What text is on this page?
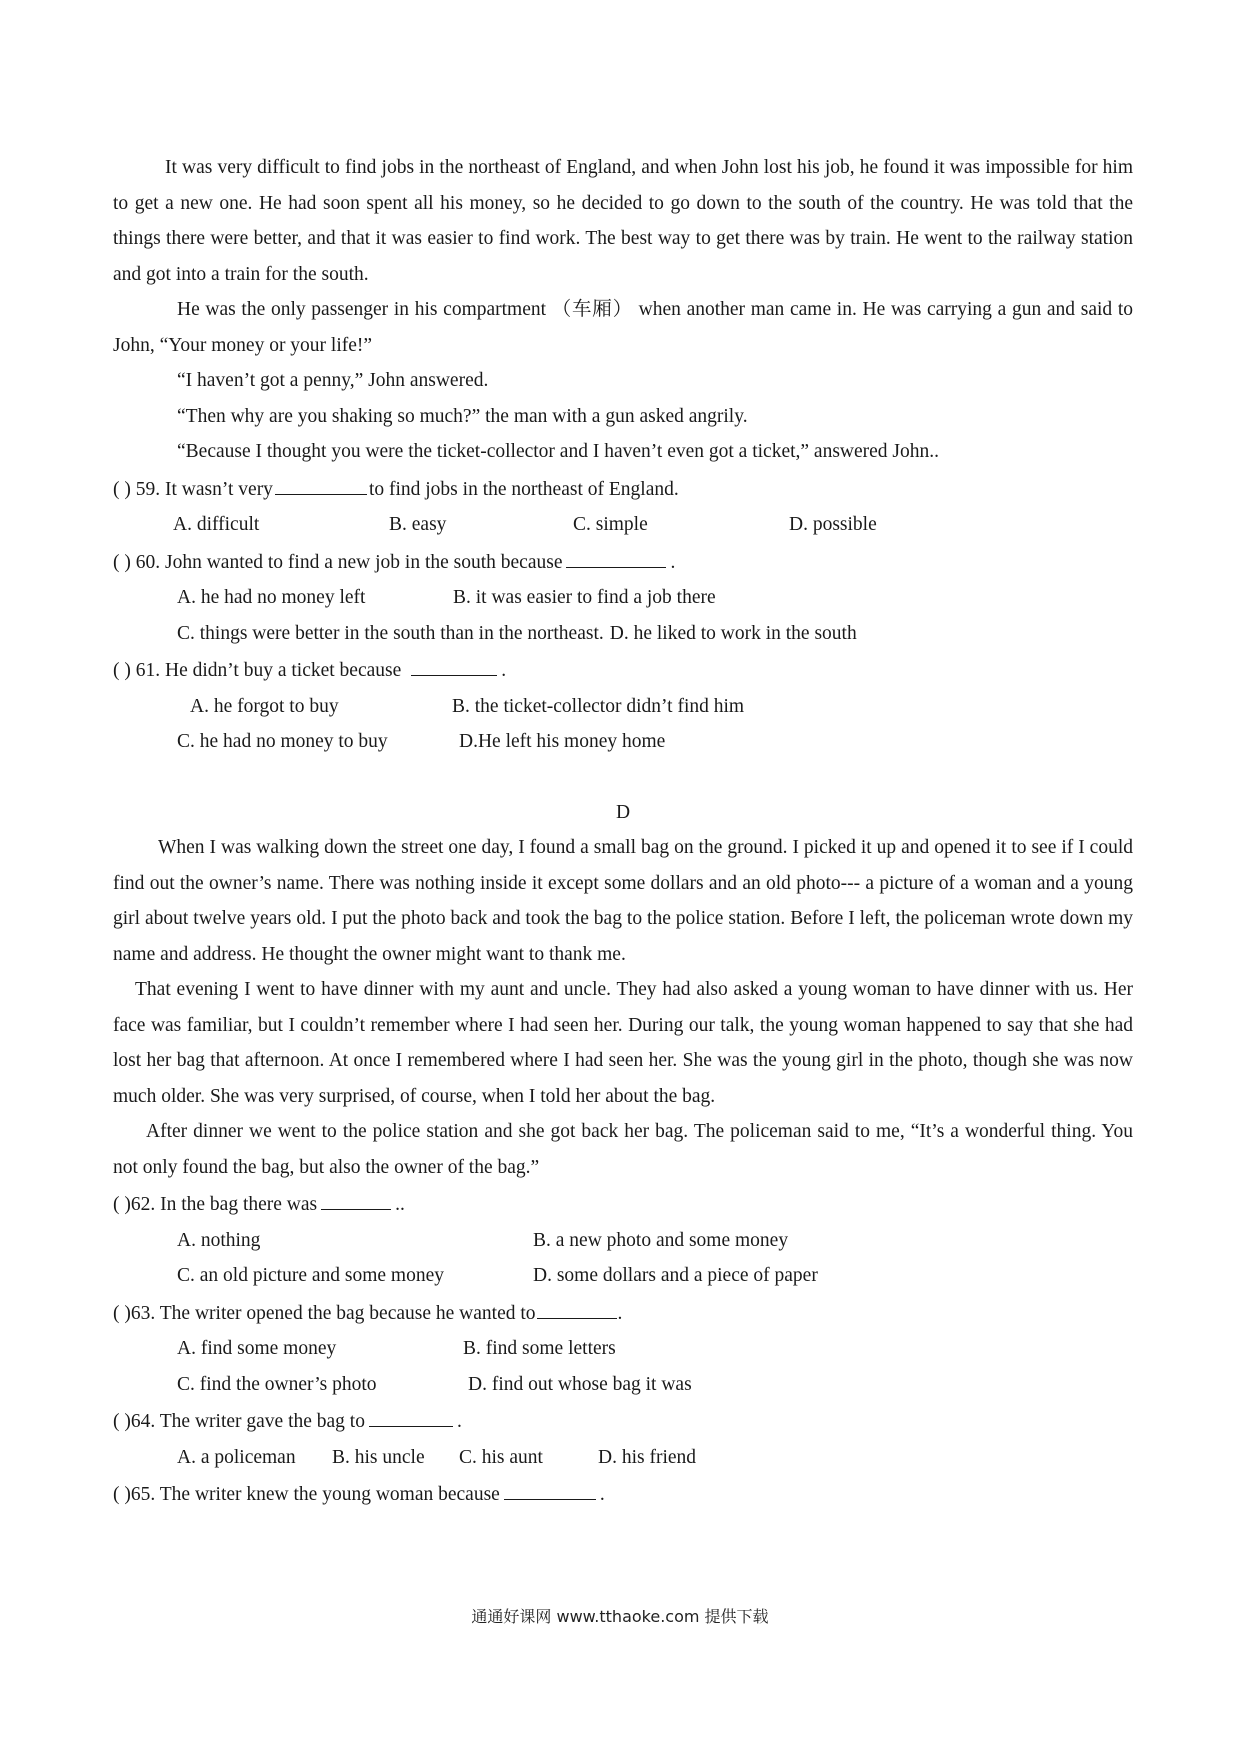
It was very difficult to find jobs in the northeast of England, and when John lost his job, he found it was impossible for him to get a new one. He had soon spent all his money, so he decided to go down to the south of the country. He was told that the things there were better, and that it was easier to find work. The best way to get there was by train. He went to the railway station and got into a train for the south.

He was the only passenger in his compartment （车厢） when another man came in. He was carrying a gun and said to John, “Your money or your life!”

“I haven’t got a penny,” John answered.

“Then why are you shaking so much?” the man with a gun asked angrily.

“Because I thought you were the ticket-collector and I haven’t even got a ticket,” answered John..

( ) 59. It wasn’t very	to find jobs in the northeast of England.
A. difficult	B. easy	C. simple	D. possible
( ) 60. John wanted to find a new job in the south because	.
A. he had no money left	B. it was easier to find a job there
C. things were better in the south than in the northeast. D. he liked to work in the south
( ) 61. He didn’t buy a ticket because	.
A. he forgot to buy	B. the ticket-collector didn’t find him
C. he had no money to buy	D.He left his money home

D

When I was walking down the street one day, I found a small bag on the ground. I picked it up and opened it to see if I could find out the owner’s name. There was nothing inside it except some dollars and an old photo--- a picture of a woman and a young girl about twelve years old. I put the photo back and took the bag to the police station. Before I left, the policeman wrote down my name and address. He thought the owner might want to thank me.

That evening I went to have dinner with my aunt and uncle. They had also asked a young woman to have dinner with us. Her face was familiar, but I couldn’t remember where I had seen her. During our talk, the young woman happened to say that she had lost her bag that afternoon. At once I remembered where I had seen her. She was the young girl in the photo, though she was now much older. She was very surprised, of course, when I told her about the bag.

After dinner we went to the police station and she got back her bag. The policeman said to me, “It’s a wonderful thing. You not only found the bag, but also the owner of the bag.”

( )62. In the bag there was	..
A. nothing	B. a new photo and some money
C. an old picture and some money	D. some dollars and a piece of paper
( )63. The writer opened the bag because he wanted to	.
A. find some money	B. find some letters
C. find the owner’s photo	D. find out whose bag it was
( )64. The writer gave the bag to	.
A. a policeman	B. his uncle	C. his aunt	D. his friend
( )65. The writer knew the young woman because	.
通通好课网 www.tthaoke.com 提供下载
